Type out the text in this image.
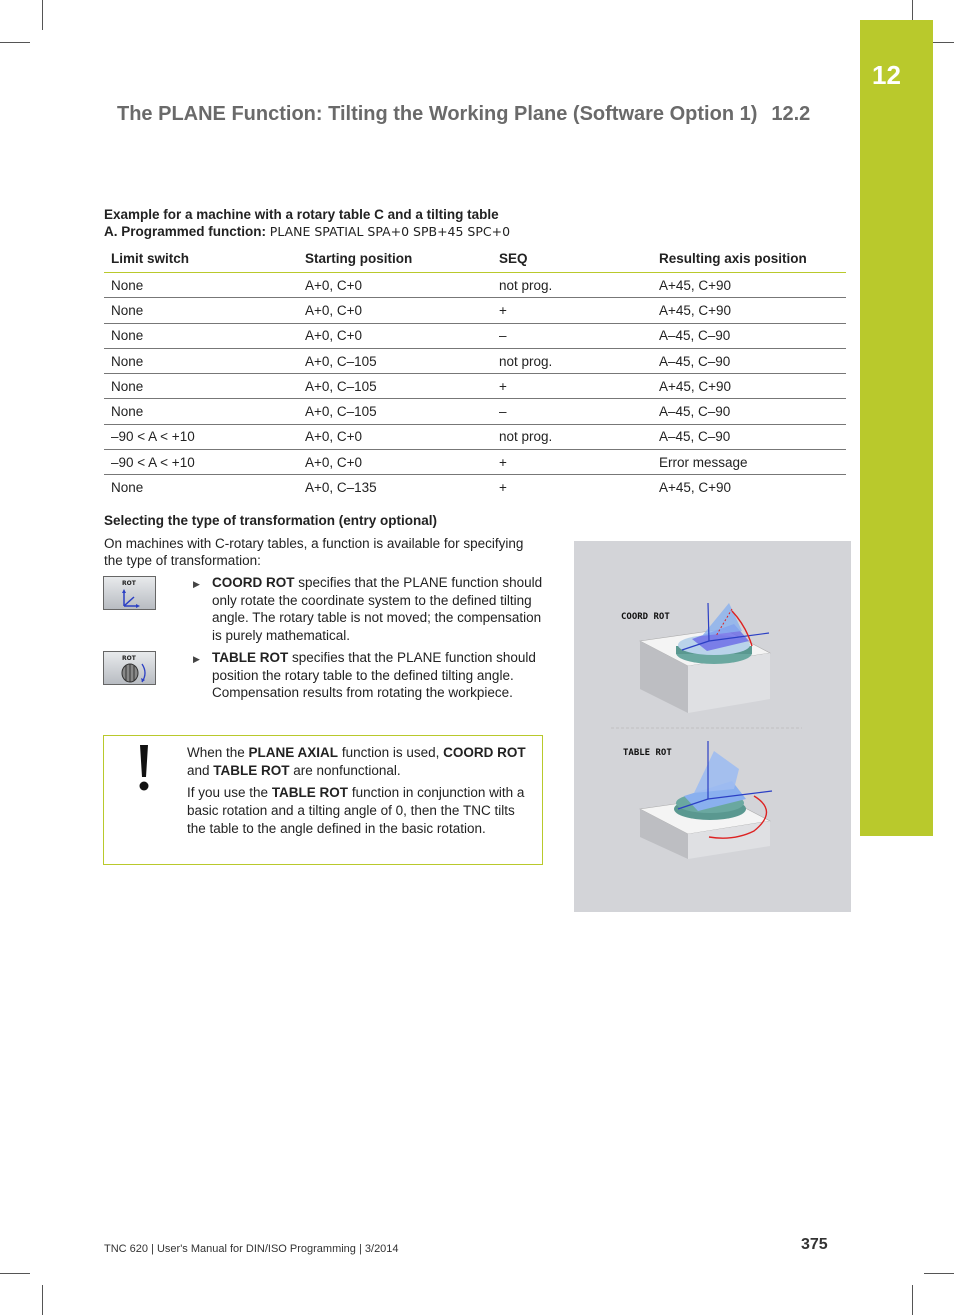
12
The PLANE Function: Tilting the Working Plane (Software Option 1) 12.2
Example for a machine with a rotary table C and a tilting table
A. Programmed function: PLANE SPATIAL SPA+0 SPB+45 SPC+0
Limit switch	Starting position	SEQ	Resulting axis position
None	A+0, C+0	not prog.	A+45, C+90
None	A+0, C+0	+	A+45, C+90
None	A+0, C+0	–	A–45, C–90
None	A+0, C–105	not prog.	A–45, C–90
None	A+0, C–105	+	A+45, C+90
None	A+0, C–105	–	A–45, C–90
–90 < A < +10	A+0, C+0	not prog.	A–45, C–90
–90 < A < +10	A+0, C+0	+	Error message
None	A+0, C–135	+	A+45, C+90
Selecting the type of transformation (entry optional)
On machines with C-rotary tables, a function is available for specifying the type of transformation:
ROT
ROT
▶ COORD ROT specifies that the PLANE function should only rotate the coordinate system to the defined tilting angle. The rotary table is not moved; the compensation is purely mathematical.
▶ TABLE ROT specifies that the PLANE function should position the rotary table to the defined tilting angle. Compensation results from rotating the workpiece.

When the PLANE AXIAL function is used, COORD ROT and TABLE ROT are nonfunctional.

If you use the TABLE ROT function in conjunction with a basic rotation and a tilting angle of 0, then the TNC tilts the table to the angle defined in the basic rotation.

COORD ROT
TABLE ROT
TNC 620 | User's Manual for DIN/ISO Programming | 3/2014	375
